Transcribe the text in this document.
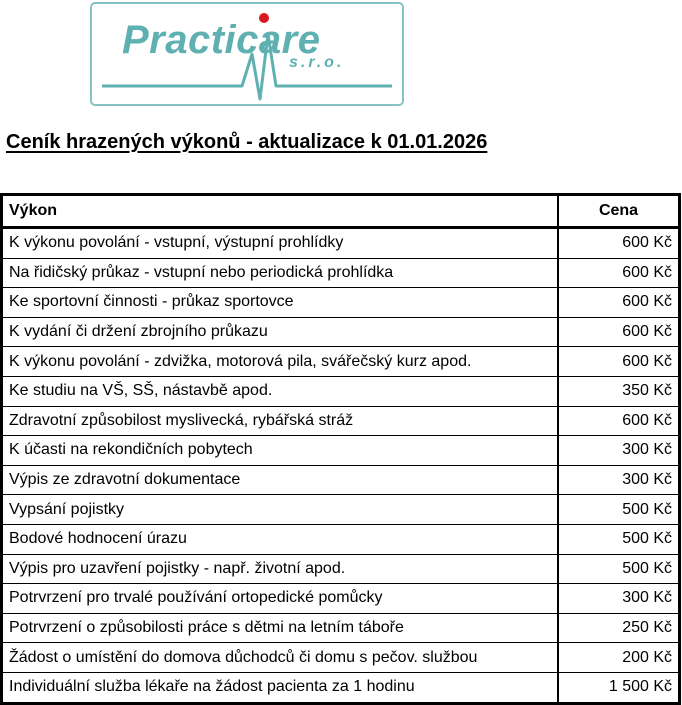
Practicare
s.r.o.
Ceník hrazených výkonů - aktualizace k 01.01.2026
Výkon	Cena
K výkonu povolání - vstupní, výstupní prohlídky	600 Kč
Na řidičský průkaz - vstupní nebo periodická prohlídka	600 Kč
Ke sportovní činnosti - průkaz sportovce	600 Kč
K vydání či držení zbrojního průkazu	600 Kč
K výkonu povolání - zdvižka, motorová pila, svářečský kurz apod.	600 Kč
Ke studiu na VŠ, SŠ, nástavbě apod.	350 Kč
Zdravotní způsobilost myslivecká, rybářská stráž	600 Kč
K účasti na rekondičních pobytech	300 Kč
Výpis ze zdravotní dokumentace	300 Kč
Vypsání pojistky	500 Kč
Bodové hodnocení úrazu	500 Kč
Výpis pro uzavření pojistky - např. životní apod.	500 Kč
Potrvrzení pro trvalé používání ortopedické pomůcky	300 Kč
Potrvrzení o způsobilosti práce s dětmi na letním táboře	250 Kč
Žádost o umístění do domova důchodců či domu s pečov. službou	200 Kč
Individuální služba lékaře na žádost pacienta za 1 hodinu	1 500 Kč
